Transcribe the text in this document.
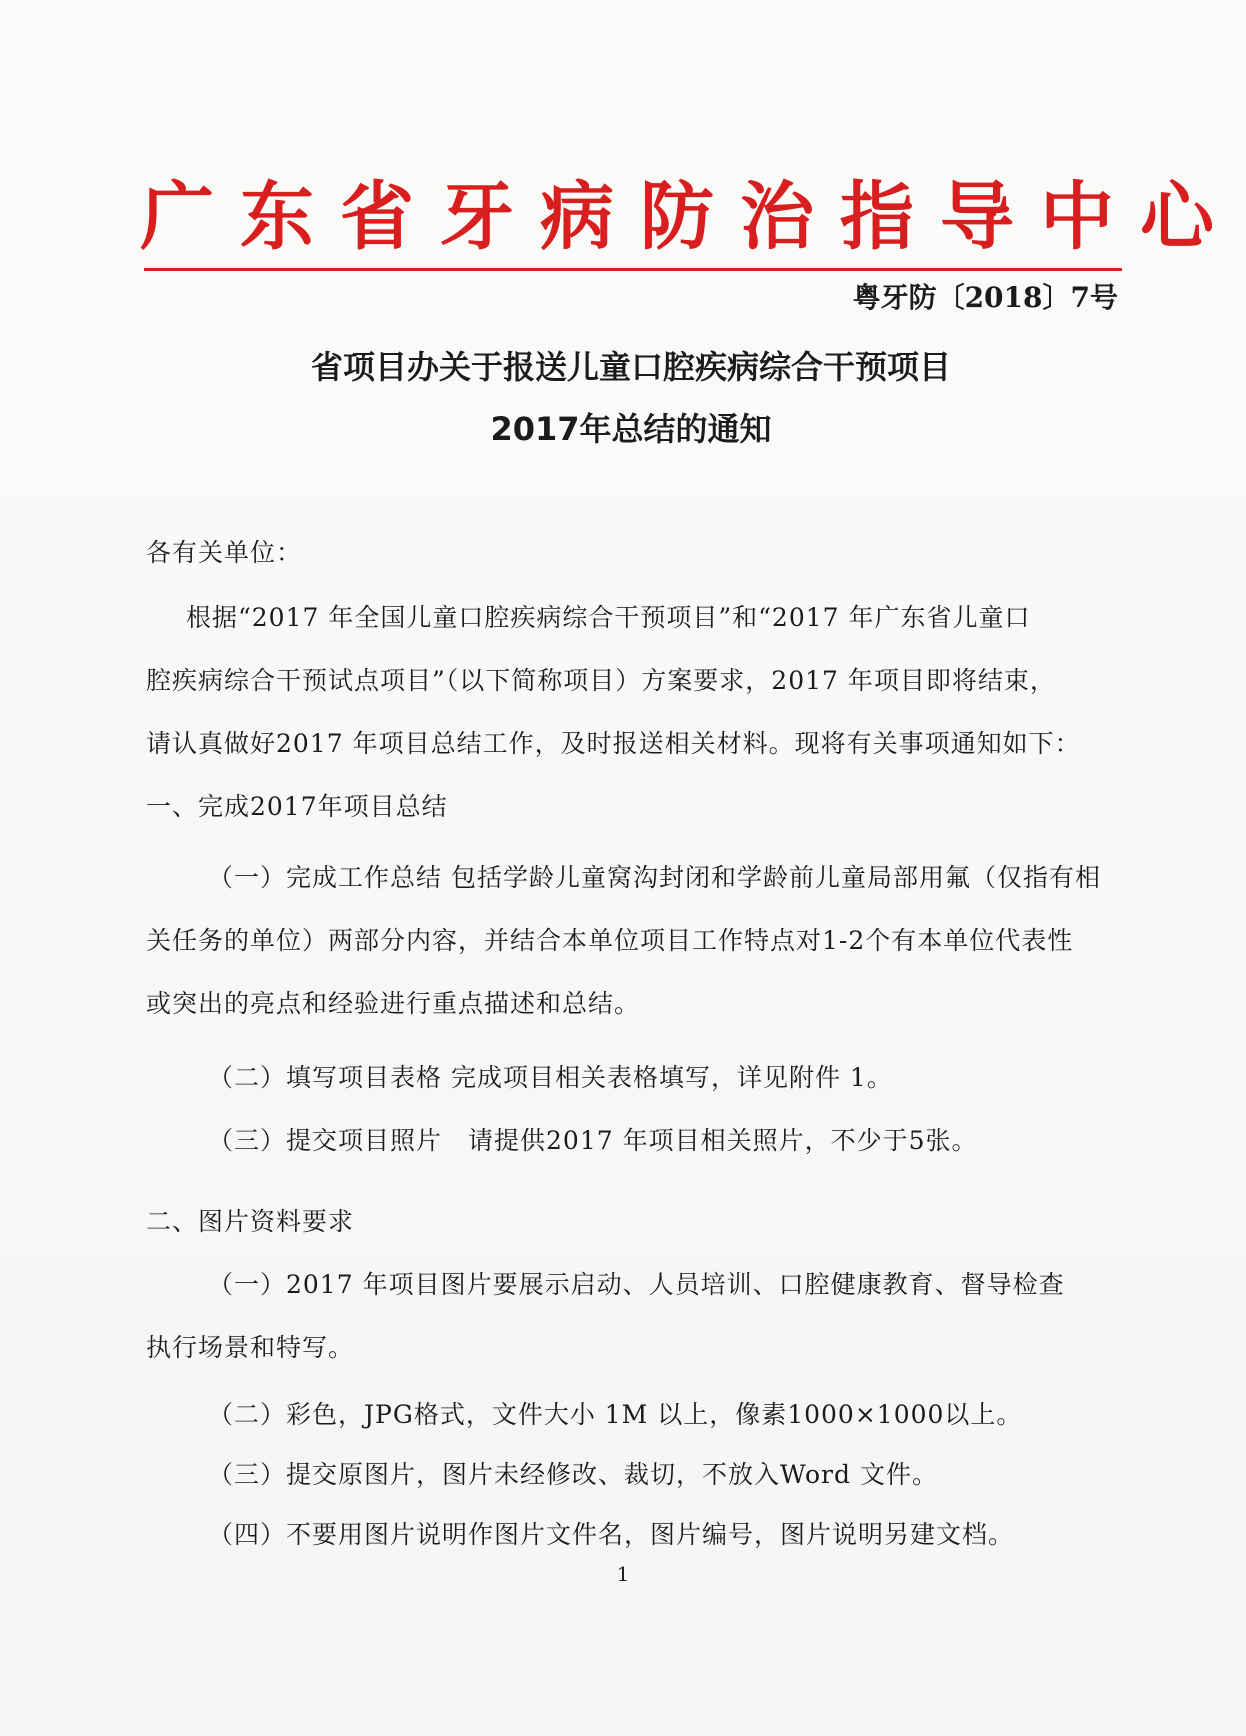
广东省牙病防治指导中心
粤牙防〔2018〕7号
省项目办关于报送儿童口腔疾病综合干预项目
2017年总结的通知
各有关单位：
根据“2017 年全国儿童口腔疾病综合干预项目”和“2017 年广东省儿童口
腔疾病综合干预试点项目”（以下简称项目）方案要求，2017 年项目即将结束，
请认真做好2017 年项目总结工作，及时报送相关材料。现将有关事项通知如下：
一、完成2017年项目总结
（一）完成工作总结 包括学龄儿童窝沟封闭和学龄前儿童局部用氟（仅指有相
关任务的单位）两部分内容，并结合本单位项目工作特点对1-2个有本单位代表性
或突出的亮点和经验进行重点描述和总结。
（二）填写项目表格 完成项目相关表格填写，详见附件 1。
（三）提交项目照片　请提供2017 年项目相关照片，不少于5张。
二、图片资料要求
（一）2017 年项目图片要展示启动、人员培训、口腔健康教育、督导检查
执行场景和特写。
（二）彩色，JPG格式，文件大小 1M 以上，像素1000×1000以上。
（三）提交原图片，图片未经修改、裁切，不放入Word 文件。
（四）不要用图片说明作图片文件名，图片编号，图片说明另建文档。
1
